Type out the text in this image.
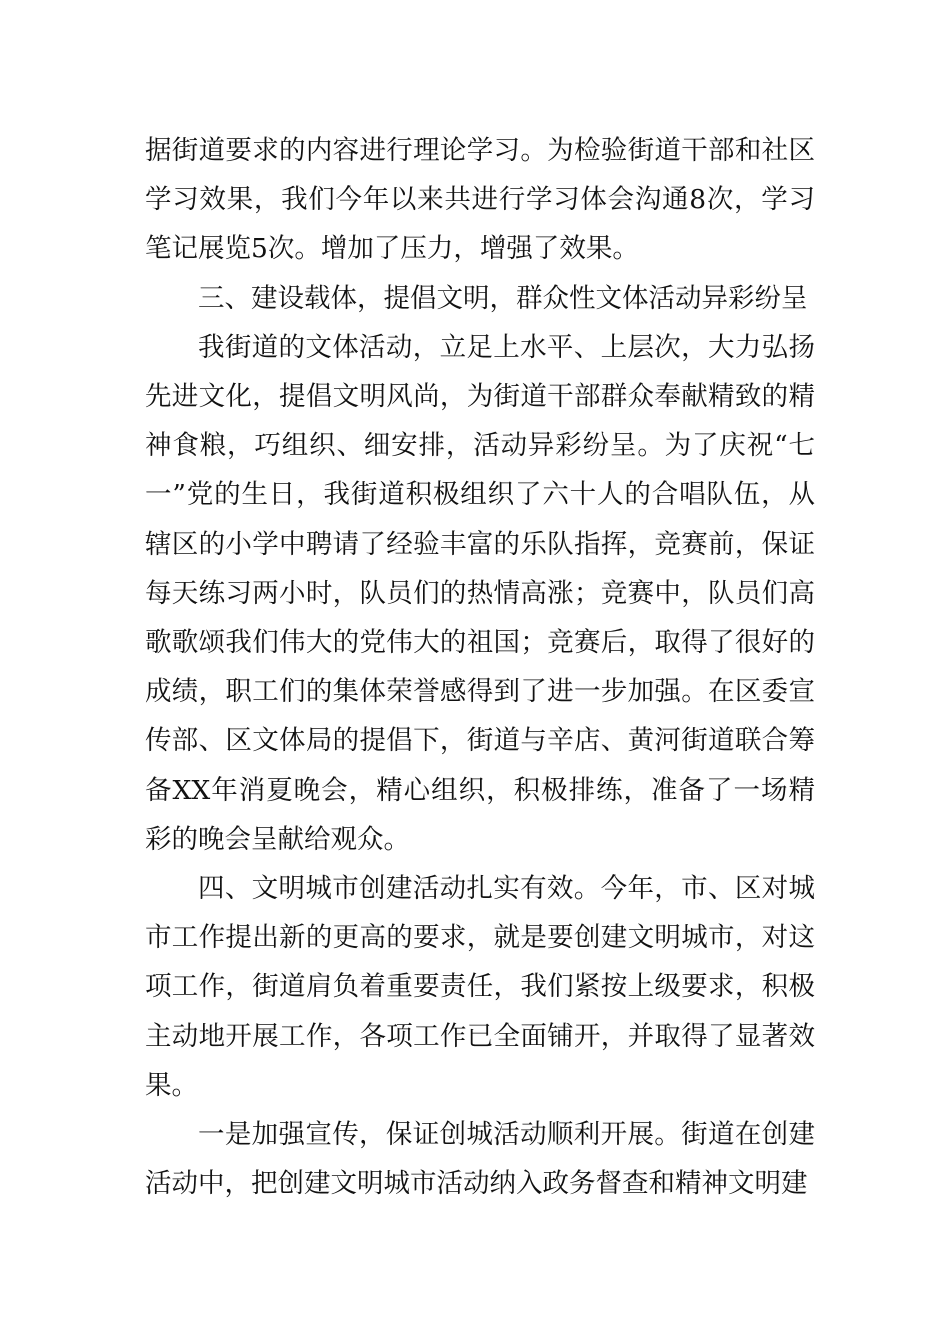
据街道要求的内容进行理论学习。为检验街道干部和社区学习效果，我们今年以来共进行学习体会沟通8次，学习笔记展览5次。增加了压力，增强了效果。

三、建设载体，提倡文明，群众性文体活动异彩纷呈

我街道的文体活动，立足上水平、上层次，大力弘扬先进文化，提倡文明风尚，为街道干部群众奉献精致的精神食粮，巧组织、细安排，活动异彩纷呈。为了庆祝“七一”党的生日，我街道积极组织了六十人的合唱队伍，从辖区的小学中聘请了经验丰富的乐队指挥，竞赛前，保证每天练习两小时，队员们的热情高涨；竞赛中，队员们高歌歌颂我们伟大的党伟大的祖国；竞赛后，取得了很好的成绩，职工们的集体荣誉感得到了进一步加强。在区委宣传部、区文体局的提倡下，街道与辛店、黄河街道联合筹备XX年消夏晚会，精心组织，积极排练，准备了一场精彩的晚会呈献给观众。

四、文明城市创建活动扎实有效。今年，市、区对城市工作提出新的更高的要求，就是要创建文明城市，对这项工作，街道肩负着重要责任，我们紧按上级要求，积极主动地开展工作，各项工作已全面铺开，并取得了显著效果。

一是加强宣传，保证创城活动顺利开展。街道在创建活动中，把创建文明城市活动纳入政务督查和精神文明建
